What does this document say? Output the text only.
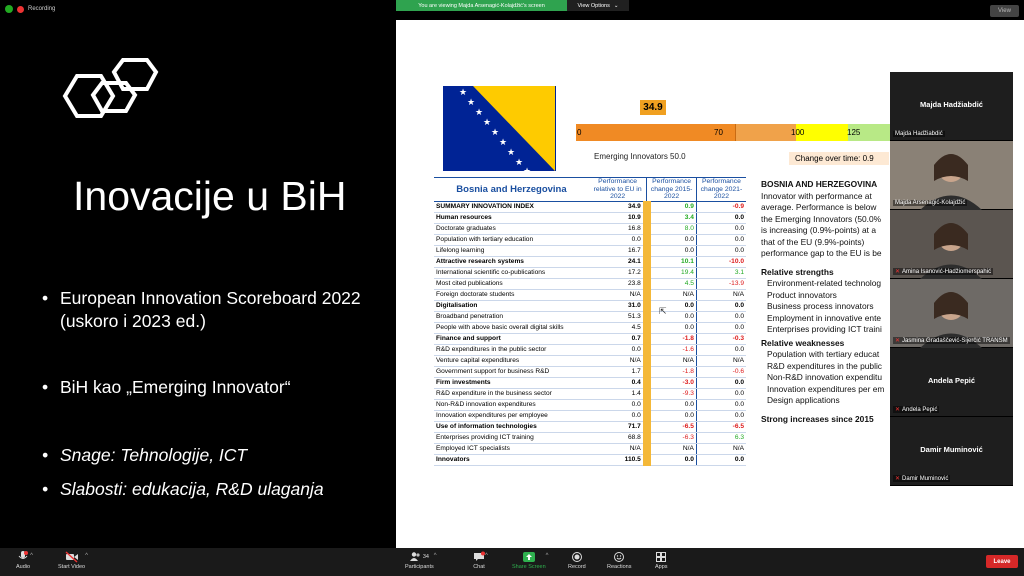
Recording
You are viewing Majda Arsenagić-Kolajdžić's screen	View Options ⌄
View
Inovacije u BiH
• European Innovation Scoreboard 2022 (uskoro i 2023 ed.)
• BiH kao „Emerging Innovator“
• Snage: Tehnologije, ICT
• Slabosti: edukacija, R&D ulaganja
★
★
★
★
★
★
★
★
★
34.9
0	70	100	125
Emerging Innovators 50.0	Change over time: 0.9
Bosnia and Herzegovina	Performance relative to EU in 2022	Performance change 2015-2022	Performance change 2021-2022
SUMMARY INNOVATION INDEX	34.9	0.9	-0.9
Human resources	10.9	3.4	0.0
Doctorate graduates	16.8	8.0	0.0
Population with tertiary education	0.0	0.0	0.0
Lifelong learning	16.7	0.0	0.0
Attractive research systems	24.1	10.1	-10.0
International scientific co-publications	17.2	19.4	3.1
Most cited publications	23.8	4.5	-13.9
Foreign doctorate students	N/A	N/A	N/A
Digitalisation	31.0	0.0	0.0
Broadband penetration	51.3	0.0	0.0
People with above basic overall digital skills	4.5	0.0	0.0
Finance and support	0.7	-1.8	-0.3
R&D expenditures in the public sector	0.0	-1.6	0.0
Venture capital expenditures	N/A	N/A	N/A
Government support for business R&D	1.7	-1.8	-0.6
Firm investments	0.4	-3.0	0.0
R&D expenditure in the business sector	1.4	-9.3	0.0
Non-R&D innovation expenditures	0.0	0.0	0.0
Innovation expenditures per employee	0.0	0.0	0.0
Use of information technologies	71.7	-6.5	-6.5
Enterprises providing ICT training	68.8	-6.3	6.3
Employed ICT specialists	N/A	N/A	N/A
Innovators	110.5	0.0	0.0
BOSNIA AND HERZEGOVINA
Innovator with performance at
average. Performance is below
the Emerging Innovators (50.0%
is increasing (0.9%-points) at a
that of the EU (9.9%-points)
performance gap to the EU is be
Relative strengths
Environment-related technolog
Product innovators
Business process innovators
Employment in innovative ente
Enterprises providing ICT traini
Relative weaknesses
Population with tertiary educat
R&D expenditures in the public
Non-R&D innovation expenditu
Innovation expenditures per em
Design applications
Strong increases since 2015
⇱
Majda Hadžiabdić
Majda Hadžiabdić
Majda Arsenagić-Kolajdžić
✕ Amina Isanović-Hadžiomerspahić
✕ Jasmina Gradaščević-Sijerčić TRANSM
Andela Pepić
✕ Andela Pepić
Damir Muminović
✕ Damir Muminović
Audio
^
Start Video
^	34
Participants
^
Chat
^
Share Screen
^
Record	Reactions	Apps
Leave
